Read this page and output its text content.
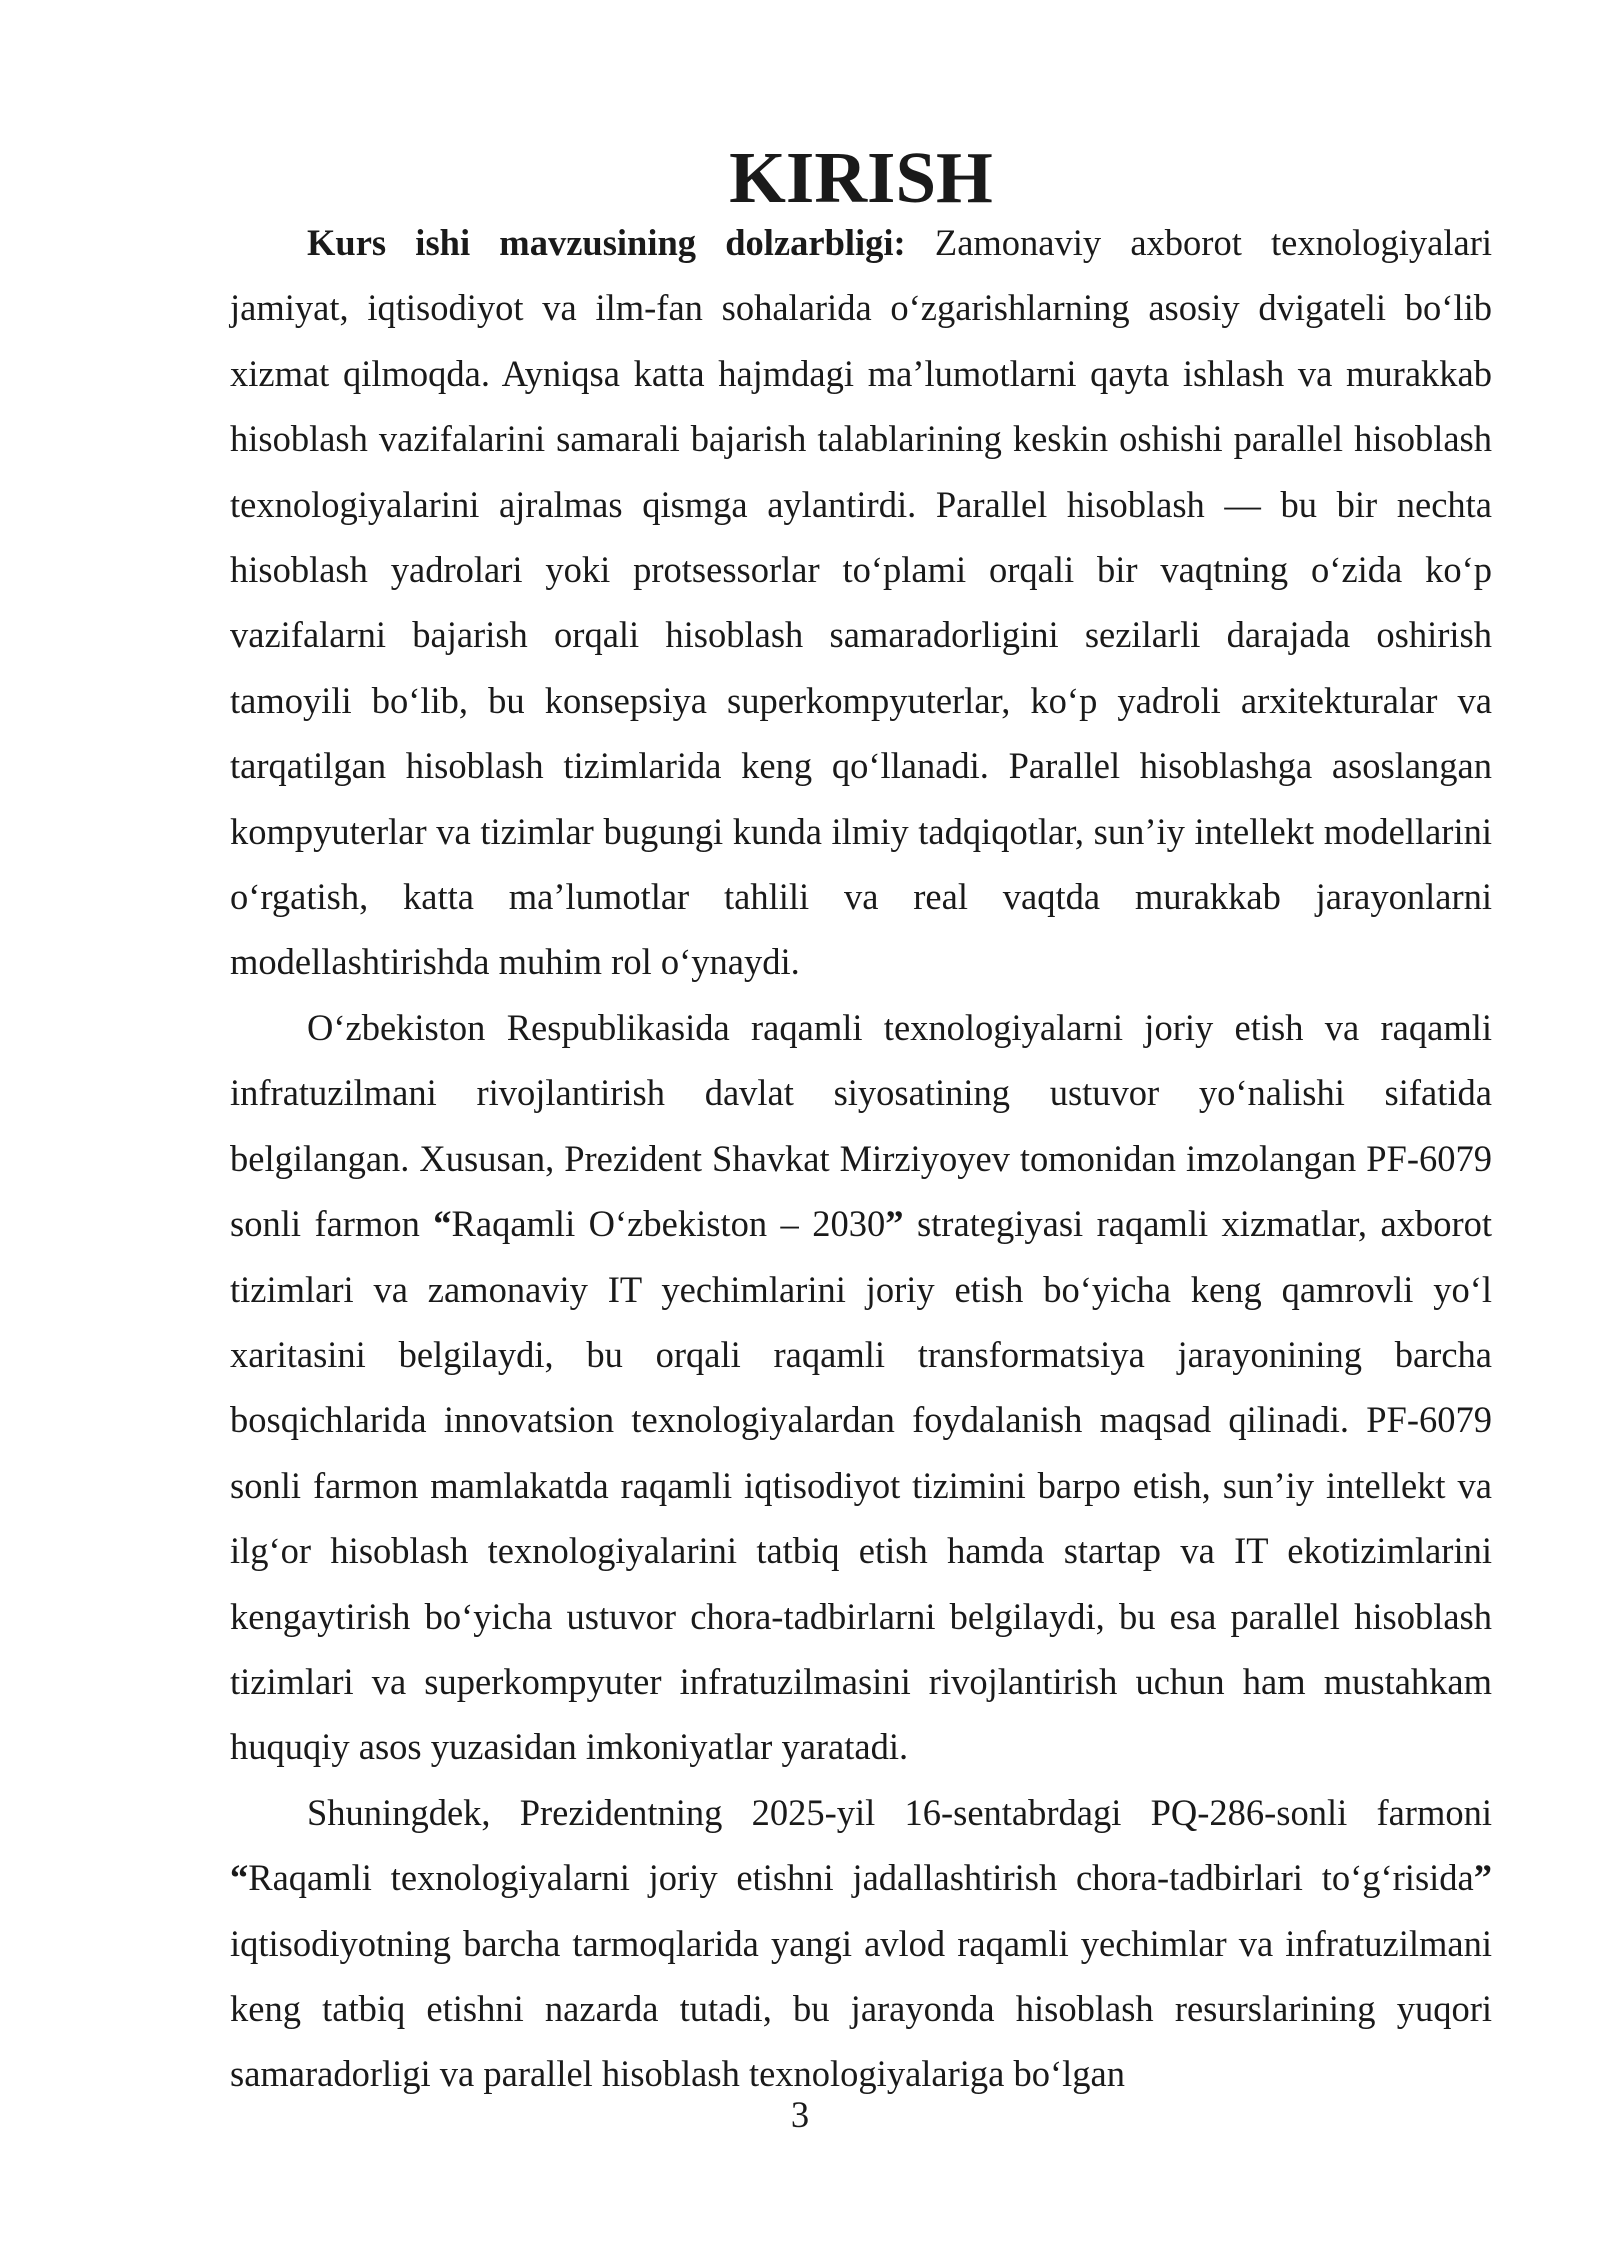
KIRISH

Kurs ishi mavzusining dolzarbligi: Zamonaviy axborot texnologiyalari jamiyat, iqtisodiyot va ilm-fan sohalarida o‘zgarishlarning asosiy dvigateli bo‘lib xizmat qilmoqda. Ayniqsa katta hajmdagi ma’lumotlarni qayta ishlash va murakkab hisoblash vazifalarini samarali bajarish talablarining keskin oshishi parallel hisoblash texnologiyalarini ajralmas qismga aylantirdi. Parallel hisoblash — bu bir nechta hisoblash yadrolari yoki protsessorlar to‘plami orqali bir vaqtning o‘zida ko‘p vazifalarni bajarish orqali hisoblash samaradorligini sezilarli darajada oshirish tamoyili bo‘lib, bu konsepsiya superkompyuterlar, ko‘p yadroli arxitekturalar va tarqatilgan hisoblash tizimlarida keng qo‘llanadi. Parallel hisoblashga asoslangan kompyuterlar va tizimlar bugungi kunda ilmiy tadqiqotlar, sun’iy intellekt modellarini o‘rgatish, katta ma’lumotlar tahlili va real vaqtda murakkab jarayonlarni modellashtirishda muhim rol o‘ynaydi.

O‘zbekiston Respublikasida raqamli texnologiyalarni joriy etish va raqamli infratuzilmani rivojlantirish davlat siyosatining ustuvor yo‘nalishi sifatida belgilangan. Xususan, Prezident Shavkat Mirziyoyev tomonidan imzolangan PF-6079 sonli farmon “Raqamli O‘zbekiston – 2030” strategiyasi raqamli xizmatlar, axborot tizimlari va zamonaviy IT yechimlarini joriy etish bo‘yicha keng qamrovli yo‘l xaritasini belgilaydi, bu orqali raqamli transformatsiya jarayonining barcha bosqichlarida innovatsion texnologiyalardan foydalanish maqsad qilinadi. PF-6079 sonli farmon mamlakatda raqamli iqtisodiyot tizimini barpo etish, sun’iy intellekt va ilg‘or hisoblash texnologiyalarini tatbiq etish hamda startap va IT ekotizimlarini kengaytirish bo‘yicha ustuvor chora-tadbirlarni belgilaydi, bu esa parallel hisoblash tizimlari va superkompyuter infratuzilmasini rivojlantirish uchun ham mustahkam huquqiy asos yuzasidan imkoniyatlar yaratadi.

Shuningdek, Prezidentning 2025-yil 16-sentabrdagi PQ-286-sonli farmoni “Raqamli texnologiyalarni joriy etishni jadallashtirish chora-tadbirlari to‘g‘risida” iqtisodiyotning barcha tarmoqlarida yangi avlod raqamli yechimlar va infratuzilmani keng tatbiq etishni nazarda tutadi, bu jarayonda hisoblash resurslarining yuqori samaradorligi va parallel hisoblash texnologiyalariga bo‘lgan

3
